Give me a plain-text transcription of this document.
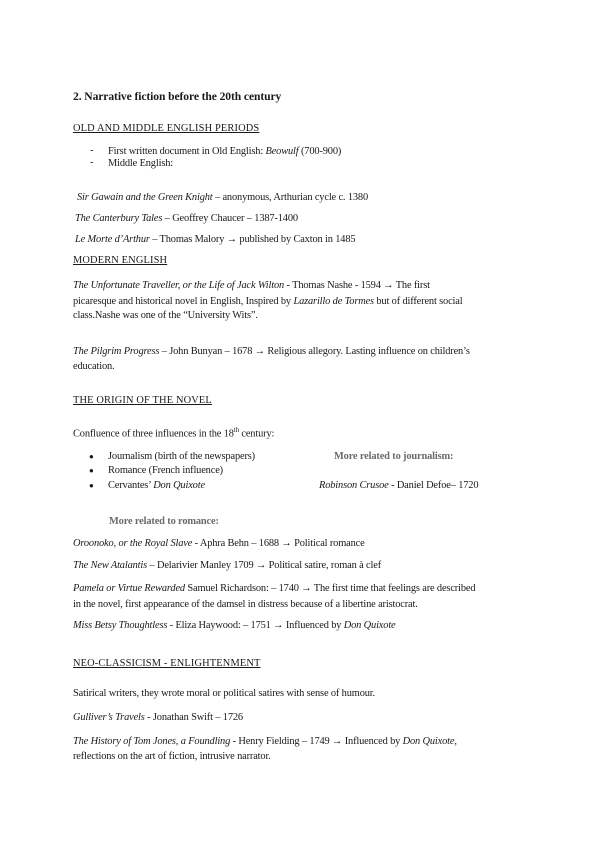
2. Narrative fiction before the 20th century
OLD AND MIDDLE ENGLISH PERIODS
- First written document in Old English: Beowulf (700-900)
- Middle English:
Sir Gawain and the Green Knight – anonymous, Arthurian cycle c. 1380
The Canterbury Tales – Geoffrey Chaucer – 1387-1400
Le Morte d’Arthur – Thomas Malory → published by Caxton in 1485
MODERN ENGLISH
The Unfortunate Traveller, or the Life of Jack Wilton - Thomas Nashe - 1594 → The first
picaresque and historical novel in English, Inspired by Lazarillo de Tormes but of different social
class.Nashe was one of the “University Wits”.
The Pilgrim Progress – John Bunyan – 1678 → Religious allegory. Lasting influence on children’s
education.
THE ORIGIN OF THE NOVEL
Confluence of three influences in the 18th century:
● Journalism (birth of the newspapers)
● Romance (French influence)
● Cervantes’ Don Quixote
More related to journalism:
Robinson Crusoe - Daniel Defoe– 1720
More related to romance:
Oroonoko, or the Royal Slave - Aphra Behn – 1688 → Political romance
The New Atalantis – Delarivier Manley 1709 → Political satire, roman à clef
Pamela or Virtue Rewarded Samuel Richardson: – 1740 → The first time that feelings are described
in the novel, first appearance of the damsel in distress because of a libertine aristocrat.
Miss Betsy Thoughtless - Eliza Haywood: – 1751 → Influenced by Don Quixote
NEO-CLASSICISM - ENLIGHTENMENT
Satirical writers, they wrote moral or political satires with sense of humour.
Gulliver’s Travels - Jonathan Swift – 1726
The History of Tom Jones, a Foundling - Henry Fielding – 1749 → Influenced by Don Quixote,
reflections on the art of fiction, intrusive narrator.
